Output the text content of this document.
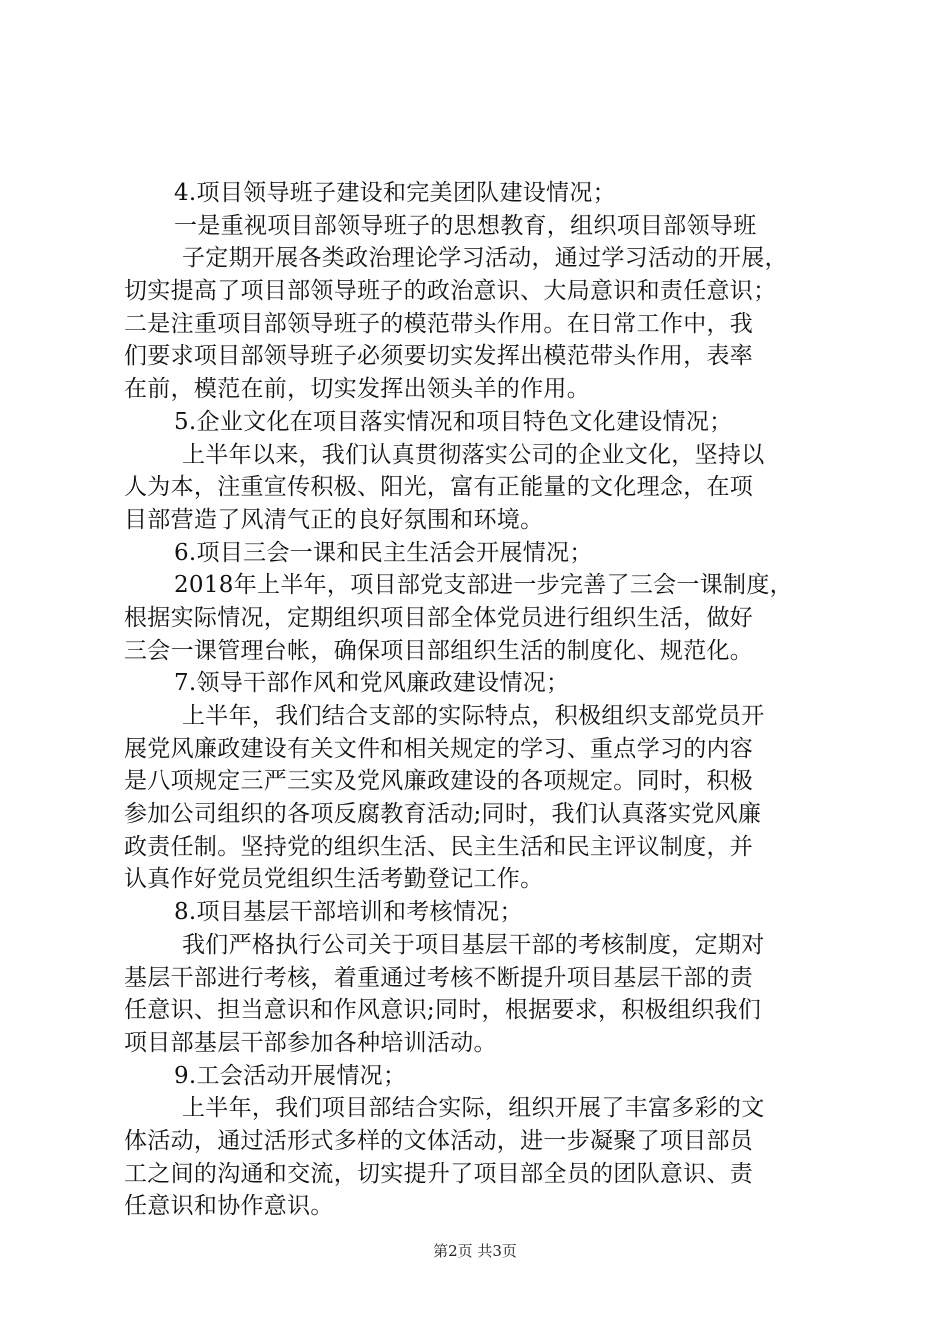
4.项目领导班子建设和完美团队建设情况；
一是重视项目部领导班子的思想教育，组织项目部领导班
子定期开展各类政治理论学习活动，通过学习活动的开展，
切实提高了项目部领导班子的政治意识、大局意识和责任意识；
二是注重项目部领导班子的模范带头作用。在日常工作中，我
们要求项目部领导班子必须要切实发挥出模范带头作用，表率
在前，模范在前，切实发挥出领头羊的作用。
5.企业文化在项目落实情况和项目特色文化建设情况；
上半年以来，我们认真贯彻落实公司的企业文化，坚持以
人为本，注重宣传积极、阳光，富有正能量的文化理念，在项
目部营造了风清气正的良好氛围和环境。
6.项目三会一课和民主生活会开展情况；
2018年上半年，项目部党支部进一步完善了三会一课制度，
根据实际情况，定期组织项目部全体党员进行组织生活，做好
三会一课管理台帐，确保项目部组织生活的制度化、规范化。
7.领导干部作风和党风廉政建设情况；
上半年，我们结合支部的实际特点，积极组织支部党员开
展党风廉政建设有关文件和相关规定的学习、重点学习的内容
是八项规定三严三实及党风廉政建设的各项规定。同时，积极
参加公司组织的各项反腐教育活动;同时，我们认真落实党风廉
政责任制。坚持党的组织生活、民主生活和民主评议制度，并
认真作好党员党组织生活考勤登记工作。
8.项目基层干部培训和考核情况；
我们严格执行公司关于项目基层干部的考核制度，定期对
基层干部进行考核，着重通过考核不断提升项目基层干部的责
任意识、担当意识和作风意识;同时，根据要求，积极组织我们
项目部基层干部参加各种培训活动。
9.工会活动开展情况；
上半年，我们项目部结合实际，组织开展了丰富多彩的文
体活动，通过活形式多样的文体活动，进一步凝聚了项目部员
工之间的沟通和交流，切实提升了项目部全员的团队意识、责
任意识和协作意识。
第2页 共3页
